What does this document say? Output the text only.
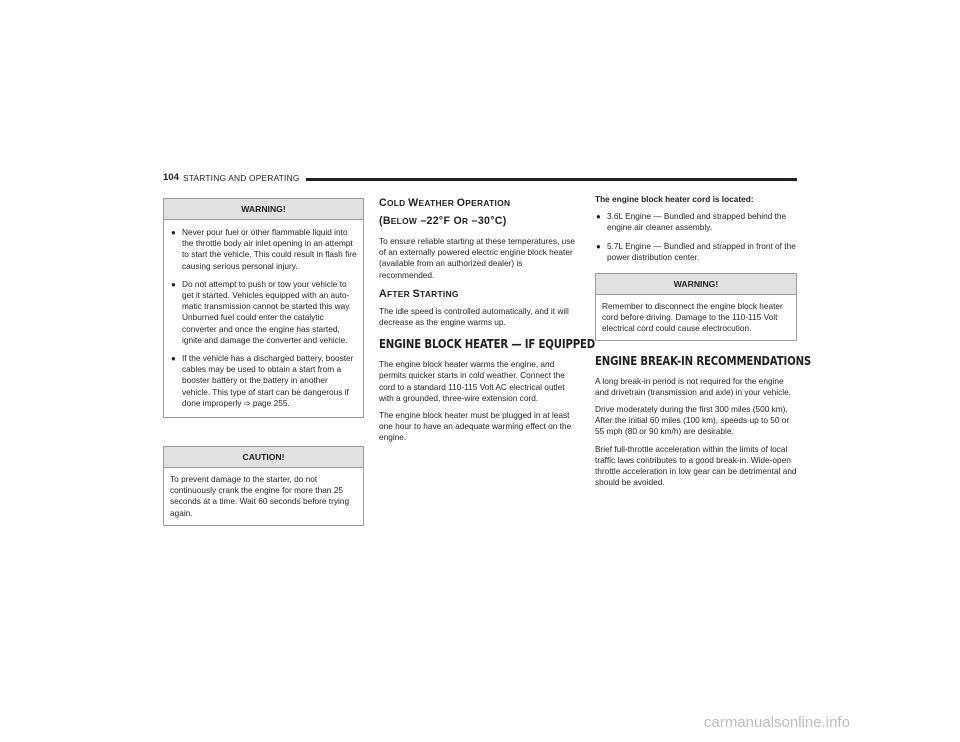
104 STARTING AND OPERATING
WARNING!
● Never pour fuel or other flammable liquid into the throttle body air inlet opening in an attempt to start the vehicle. This could result in flash fire causing serious personal injury.
● Do not attempt to push or tow your vehicle to get it started. Vehicles equipped with an auto-matic transmission cannot be started this way. Unburned fuel could enter the catalytic converter and once the engine has started, ignite and damage the converter and vehicle.
● If the vehicle has a discharged battery, booster cables may be used to obtain a start from a booster battery or the battery in another vehicle. This type of start can be dangerous if done improperly ➩ page 255.
CAUTION!

To prevent damage to the starter, do not continuously crank the engine for more than 25 seconds at a time. Wait 60 seconds before trying again.

COLD WEATHER OPERATION
(BELOW –22°F OR –30°C)

To ensure reliable starting at these temperatures, use of an externally powered electric engine block heater (available from an authorized dealer) is recommended.

AFTER STARTING

The idle speed is controlled automatically, and it will decrease as the engine warms up.

ENGINE BLOCK HEATER — IF EQUIPPED

The engine block heater warms the engine, and permits quicker starts in cold weather. Connect the cord to a standard 110-115 Volt AC electrical outlet with a grounded, three-wire extension cord.

The engine block heater must be plugged in at least one hour to have an adequate warming effect on the engine.

The engine block heater cord is located:
● 3.6L Engine — Bundled and strapped behind the engine air cleaner assembly.
● 5.7L Engine — Bundled and strapped in front of the power distribution center.
WARNING!

Remember to disconnect the engine block heater cord before driving. Damage to the 110-115 Volt electrical cord could cause electrocution.

ENGINE BREAK-IN RECOMMENDATIONS

A long break-in period is not required for the engine and drivetrain (transmission and axle) in your vehicle.

Drive moderately during the first 300 miles (500 km). After the initial 60 miles (100 km), speeds up to 50 or 55 mph (80 or 90 km/h) are desirable.

Brief full-throttle acceleration within the limits of local traffic laws contributes to a good break-in. Wide-open throttle acceleration in low gear can be detrimental and should be avoided.

carmanualsonline.info
